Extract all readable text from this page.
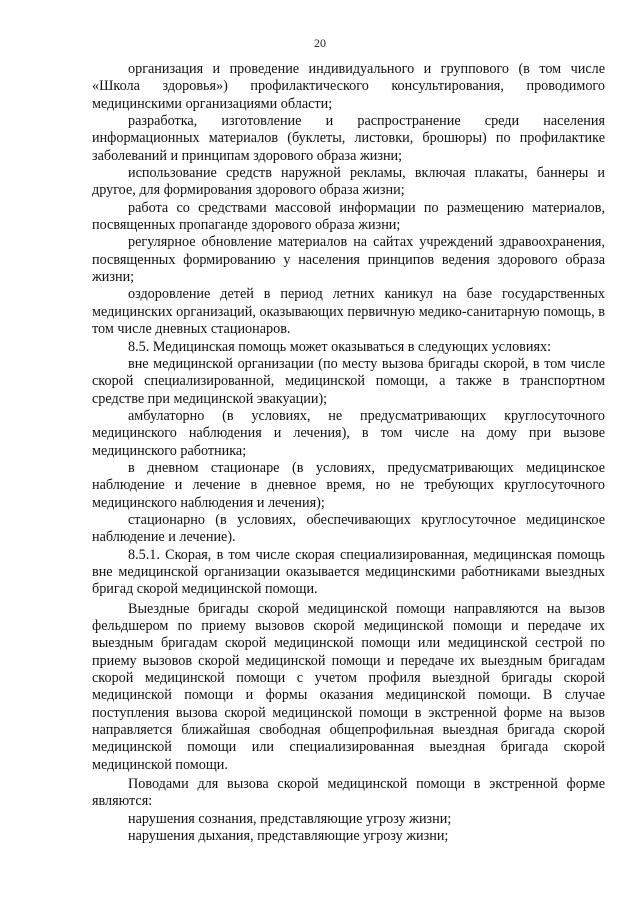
20

организация и проведение индивидуального и группового (в том числе «Школа здоровья») профилактического консультирования, проводимого медицинскими организациями области;

разработка, изготовление и распространение среди населения информационных материалов (буклеты, листовки, брошюры) по профилактике заболеваний и принципам здорового образа жизни;

использование средств наружной рекламы, включая плакаты, баннеры и другое, для формирования здорового образа жизни;

работа со средствами массовой информации по размещению материалов, посвященных пропаганде здорового образа жизни;

регулярное обновление материалов на сайтах учреждений здравоохранения, посвященных формированию у населения принципов ведения здорового образа жизни;

оздоровление детей в период летних каникул на базе государственных медицинских организаций, оказывающих первичную медико-санитарную помощь, в том числе дневных стационаров.

8.5. Медицинская помощь может оказываться в следующих условиях:

вне медицинской организации (по месту вызова бригады скорой, в том числе скорой специализированной, медицинской помощи, а также в транспортном средстве при медицинской эвакуации);

амбулаторно (в условиях, не предусматривающих круглосуточного медицинского наблюдения и лечения), в том числе на дому при вызове медицинского работника;

в дневном стационаре (в условиях, предусматривающих медицинское наблюдение и лечение в дневное время, но не требующих круглосуточного медицинского наблюдения и лечения);

стационарно (в условиях, обеспечивающих круглосуточное медицинское наблюдение и лечение).

8.5.1. Скорая, в том числе скорая специализированная, медицинская помощь вне медицинской организации оказывается медицинскими работниками выездных бригад скорой медицинской помощи.

Выездные бригады скорой медицинской помощи направляются на вызов фельдшером по приему вызовов скорой медицинской помощи и передаче их выездным бригадам скорой медицинской помощи или медицинской сестрой по приему вызовов скорой медицинской помощи и передаче их выездным бригадам скорой медицинской помощи с учетом профиля выездной бригады скорой медицинской помощи и формы оказания медицинской помощи. В случае поступления вызова скорой медицинской помощи в экстренной форме на вызов направляется ближайшая свободная общепрофильная выездная бригада скорой медицинской помощи или специализированная выездная бригада скорой медицинской помощи.

Поводами для вызова скорой медицинской помощи в экстренной форме являются:

нарушения сознания, представляющие угрозу жизни;

нарушения дыхания, представляющие угрозу жизни;
